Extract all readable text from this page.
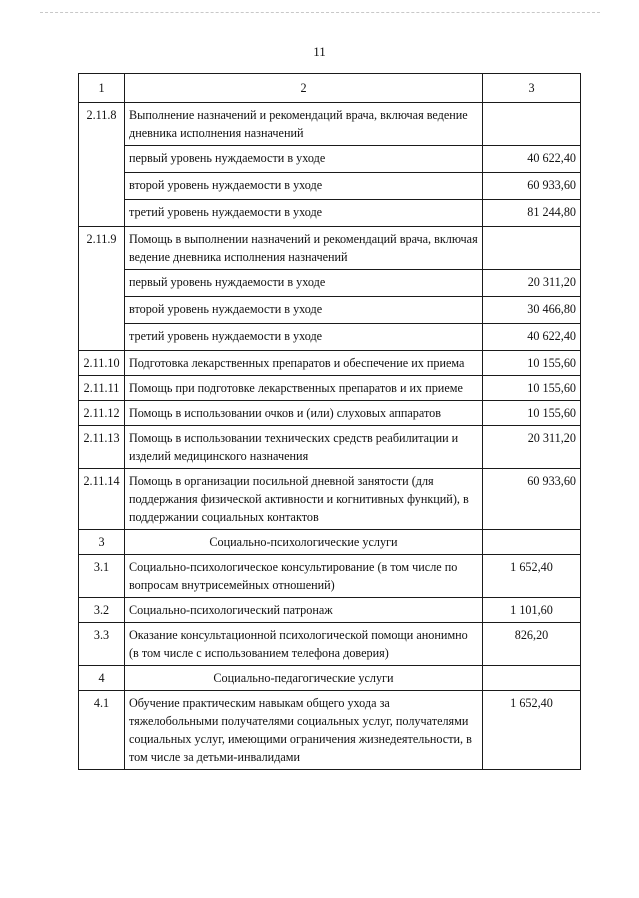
11
1	2	3
2.11.8	Выполнение назначений и рекомендаций врача, включая ведение дневника исполнения назначений	
	первый уровень нуждаемости в уходе	40 622,40
	второй уровень нуждаемости в уходе	60 933,60
	третий уровень нуждаемости в уходе	81 244,80
2.11.9	Помощь в выполнении назначений и рекомендаций врача, включая ведение дневника исполнения назначений	
	первый уровень нуждаемости в уходе	20 311,20
	второй уровень нуждаемости в уходе	30 466,80
	третий уровень нуждаемости в уходе	40 622,40
2.11.10	Подготовка лекарственных препаратов и обеспечение их приема	10 155,60
2.11.11	Помощь при подготовке лекарственных препаратов и их приеме	10 155,60
2.11.12	Помощь в использовании очков и (или) слуховых аппаратов	10 155,60
2.11.13	Помощь в использовании технических средств реабилитации и изделий медицинского назначения	20 311,20
2.11.14	Помощь в организации посильной дневной занятости (для поддержания физической активности и когнитивных функций), в поддержании социальных контактов	60 933,60
3	Социально-психологические услуги	
3.1	Социально-психологическое консультирование (в том числе по вопросам внутрисемейных отношений)	1 652,40
3.2	Социально-психологический патронаж	1 101,60
3.3	Оказание консультационной психологической помощи анонимно (в том числе с использованием телефона доверия)	826,20
4	Социально-педагогические услуги	
4.1	Обучение практическим навыкам общего ухода за тяжелобольными получателями социальных услуг, получателями социальных услуг, имеющими ограничения жизнедеятельности, в том числе за детьми-инвалидами	1 652,40
